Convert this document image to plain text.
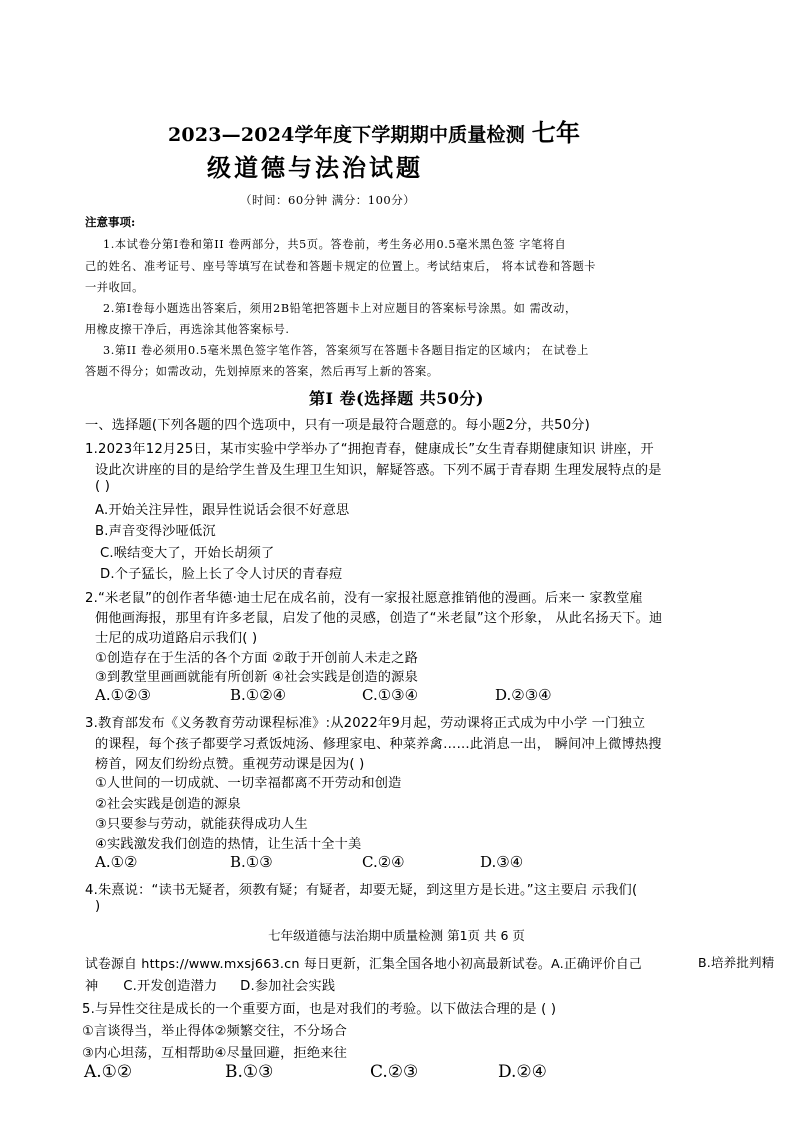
2023—2024学年度下学期期中质量检测 七年
级道德与法治试题
（时间：60分钟 满分：100分）
注意事项:
1.本试卷分第Ⅰ卷和第II 卷两部分，共5页。答卷前，考生务必用0.5毫米黑色签 字笔将自
己的姓名、准考证号、座号等填写在试卷和答题卡规定的位置上。考试结束后， 将本试卷和答题卡
一并收回。
2.第Ⅰ卷每小题选出答案后，须用2B铅笔把答题卡上对应题目的答案标号涂黑。如 需改动，
用橡皮擦干净后，再选涂其他答案标号.
3.第II 卷必须用0.5毫米黑色签字笔作答，答案须写在答题卡各题目指定的区域内； 在试卷上
答题不得分；如需改动，先划掉原来的答案，然后再写上新的答案。
第I 卷(选择题 共50分)
一、选择题(下列各题的四个选项中，只有一项是最符合题意的。每小题2分，共50分)
1.2023年12月25日，某市实验中学举办了“拥抱青春，健康成长”女生青春期健康知识 讲座，开
设此次讲座的目的是给学生普及生理卫生知识，解疑答惑。下列不属于青春期 生理发展特点的是
( )
A.开始关注异性，跟异性说话会很不好意思
B.声音变得沙哑低沉
C.喉结变大了，开始长胡须了
D.个子猛长，脸上长了令人讨厌的青春痘
2.“米老鼠”的创作者华德·迪士尼在成名前，没有一家报社愿意推销他的漫画。后来一 家教堂雇
佣他画海报，那里有许多老鼠，启发了他的灵感，创造了“米老鼠”这个形象， 从此名扬天下。迪
士尼的成功道路启示我们( )
①创造存在于生活的各个方面 ②敢于开创前人未走之路
③到教堂里画画就能有所创新 ④社会实践是创造的源泉
A.①②③	B.①②④	C.①③④	D.②③④
3.教育部发布《义务教育劳动课程标准》:从2022年9月起，劳动课将正式成为中小学 一门独立
的课程，每个孩子都要学习煮饭炖汤、修理家电、种菜养禽……此消息一出， 瞬间冲上微博热搜
榜首，网友们纷纷点赞。重视劳动课是因为( )
①人世间的一切成就、一切幸福都离不开劳动和创造
②社会实践是创造的源泉
③只要参与劳动，就能获得成功人生
④实践激发我们创造的热情，让生活十全十美
A.①②	B.①③	C.②④	D.③④
4.朱熹说：“读书无疑者，须教有疑；有疑者，却要无疑，到这里方是长进。”这主要启 示我们(
)
七年级道德与法治期中质量检测 第1页 共 6 页
试卷源自 https://www.mxsj663.cn 每日更新，汇集全国各地小初高最新试卷。A.正确评价自己	B.培养批判精
神 C.开发创造潜力 D.参加社会实践
5.与异性交往是成长的一个重要方面，也是对我们的考验。以下做法合理的是 ( )
①言谈得当，举止得体②频繁交往，不分场合
③内心坦荡，互相帮助④尽量回避，拒绝来往
A.①②	B.①③	C.②③	D.②④
